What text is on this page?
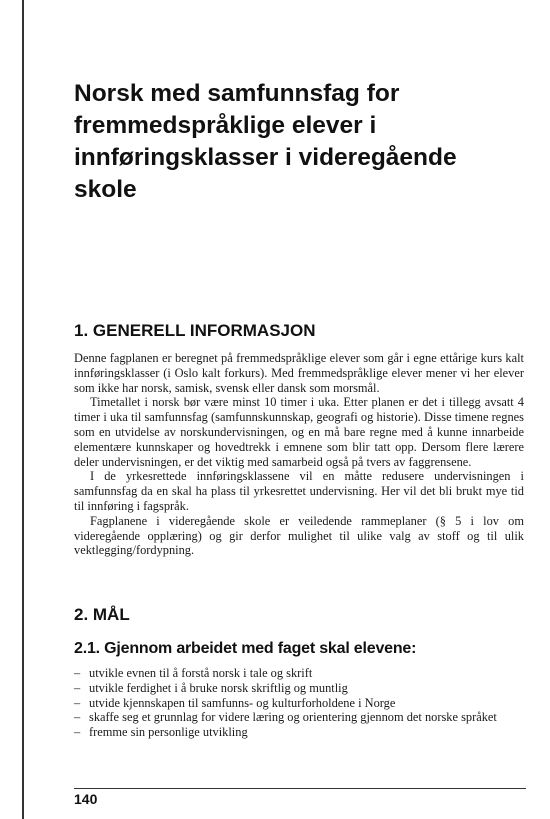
Norsk med samfunnsfag for
fremmedspråklige elever i
innføringsklasser i videregående
skole
1. GENERELL INFORMASJON

Denne fagplanen er beregnet på fremmedspråklige elever som går i egne ettårige kurs kalt innføringsklasser (i Oslo kalt forkurs). Med fremmedspråklige elever mener vi her elever som ikke har norsk, samisk, svensk eller dansk som morsmål.

Timetallet i norsk bør være minst 10 timer i uka. Etter planen er det i tillegg avsatt 4 timer i uka til samfunnsfag (samfunnskunnskap, geografi og historie). Disse timene regnes som en utvidelse av norskundervisningen, og en må bare regne med å kunne innarbeide elementære kunnskaper og hovedtrekk i emnene som blir tatt opp. Dersom flere lærere deler undervisningen, er det viktig med samarbeid også på tvers av faggrensene.

I de yrkesrettede innføringsklassene vil en måtte redusere undervisningen i samfunnsfag da en skal ha plass til yrkesrettet undervisning. Her vil det bli brukt mye tid til innføring i fagspråk.

Fagplanene i videregående skole er veiledende rammeplaner (§ 5 i lov om videregående opplæring) og gir derfor mulighet til ulike valg av stoff og til ulik vektlegging/fordypning.

2. MÅL
2.1. Gjennom arbeidet med faget skal elevene:
– utvikle evnen til å forstå norsk i tale og skrift
– utvikle ferdighet i å bruke norsk skriftlig og muntlig
– utvide kjennskapen til samfunns- og kulturforholdene i Norge
– skaffe seg et grunnlag for videre læring og orientering gjennom det norske språket
– fremme sin personlige utvikling
140
